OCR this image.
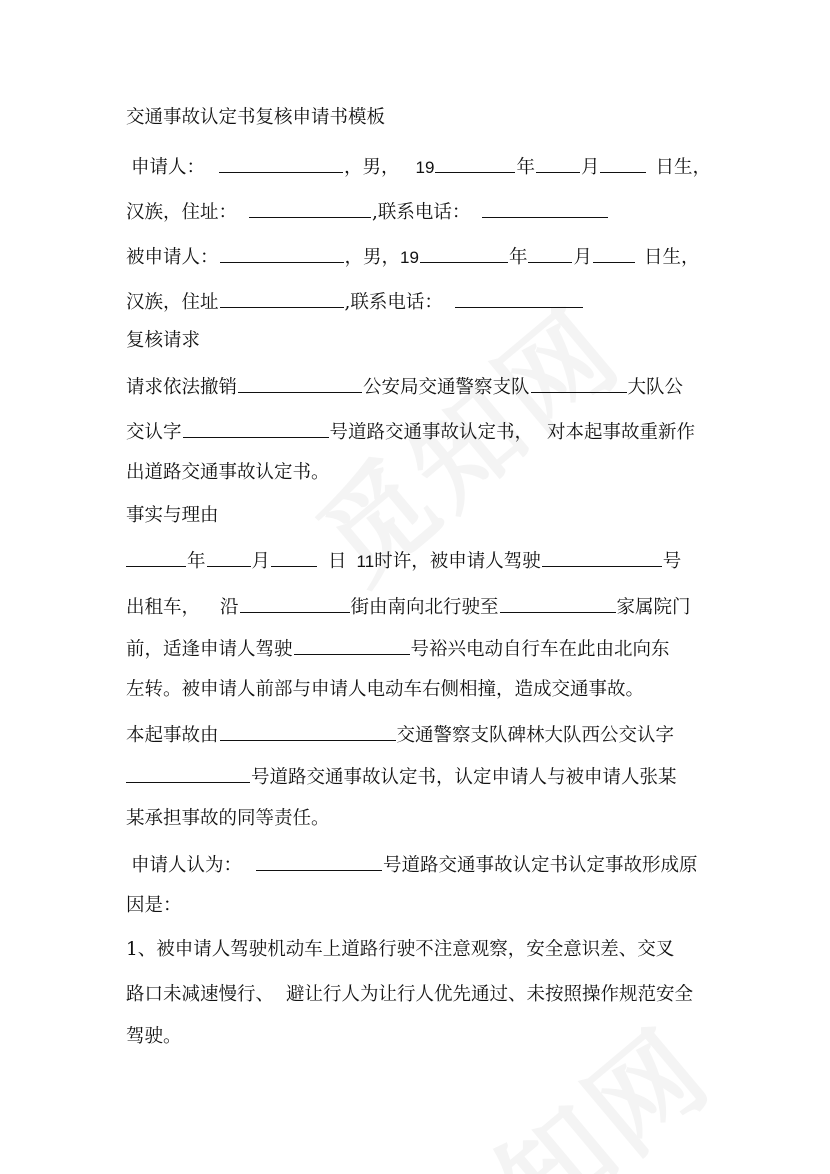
交通事故认定书复核申请书模板
申请人：	，男， 19	年 月	日生，
汉族，住址：	,联系电话：
被申请人：	，男，19	年 月	日生，
汉族，住址	,联系电话：
复核请求
请求依法撤销	公安局交通警察支队	大队公
交认字	号道路交通事故认定书， 对本起事故重新作
出道路交通事故认定书。
事实与理由
年 月	日 11时许，被申请人驾驶	号
出租车， 沿	街由南向北行驶至	家属院门
前，适逢申请人驾驶	号裕兴电动自行车在此由北向东
左转。被申请人前部与申请人电动车右侧相撞，造成交通事故。
本起事故由	交通警察支队碑林大队西公交认字
号道路交通事故认定书，认定申请人与被申请人张某
某承担事故的同等责任。
申请人认为：	号道路交通事故认定书认定事故形成原
因是：
1、被申请人驾驶机动车上道路行驶不注意观察，安全意识差、交叉
路口未减速慢行、 避让行人为让行人优先通过、未按照操作规范安全
驾驶。
